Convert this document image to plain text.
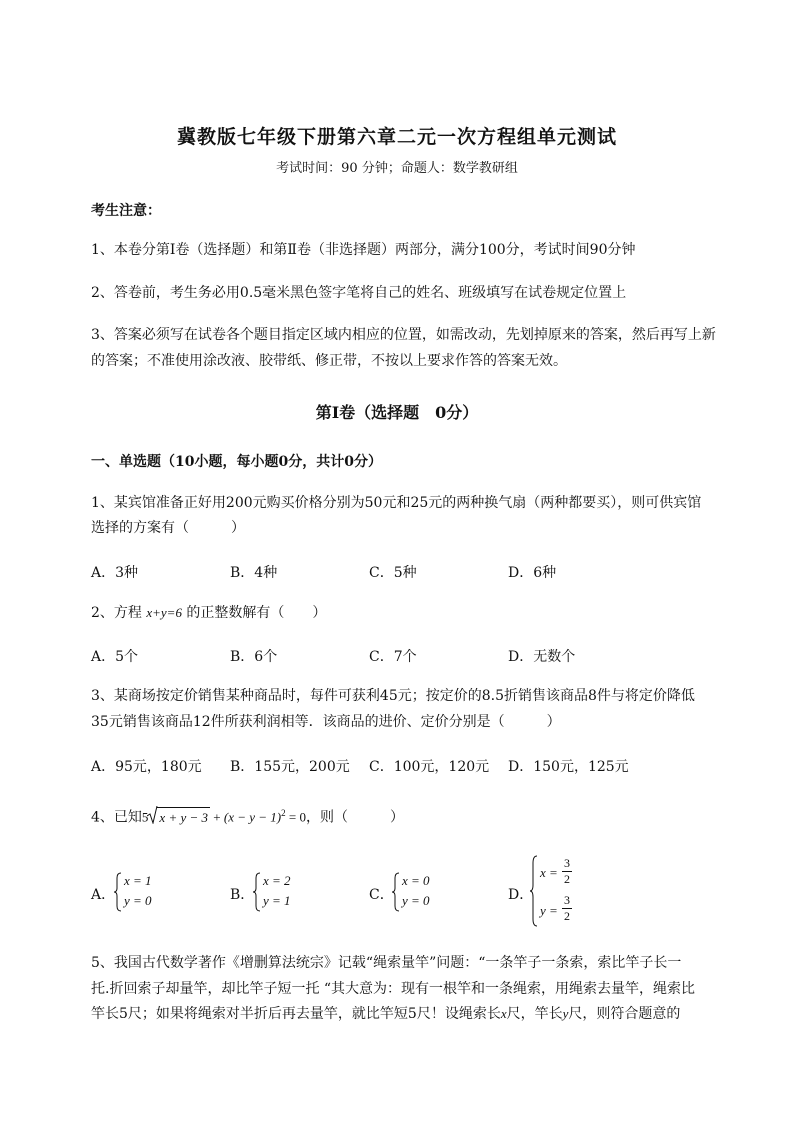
冀教版七年级下册第六章二元一次方程组单元测试
考试时间：90 分钟；命题人：数学教研组
考生注意：
1、本卷分第Ⅰ卷（选择题）和第Ⅱ卷（非选择题）两部分，满分100分，考试时间90分钟
2、答卷前，考生务必用0.5毫米黑色签字笔将自己的姓名、班级填写在试卷规定位置上
3、答案必须写在试卷各个题目指定区域内相应的位置，如需改动，先划掉原来的答案，然后再写上新
的答案；不准使用涂改液、胶带纸、修正带，不按以上要求作答的答案无效。
第Ⅰ卷（选择题　0分）
一、单选题（10小题，每小题0分，共计0分）
1、某宾馆准备正好用200元购买价格分别为50元和25元的两种换气扇（两种都要买），则可供宾馆
选择的方案有（　　　）
A．3种	B．4种	C．5种	D．6种
2、方程 x+y=6 的正整数解有（　　）
A．5个	B．6个	C．7个	D．无数个
3、某商场按定价销售某种商品时，每件可获利45元；按定价的8.5折销售该商品8件与将定价降低
35元销售该商品12件所获利润相等．该商品的进价、定价分别是（　　　）
A．95元，180元 B．155元，200元 C．100元，120元 D．150元，125元
4、已知5 $x + y - 3 + (x - y - 1)^2 = 0$，则（　　　）
A．
x = 1
y = 0	B．
x = 2
y = 1	C．
x = 0
y = 0	D．
$x = \frac{3}{2}$
$y = \frac{3}{2}$
5、我国古代数学著作《增删算法统宗》记载“绳索量竿”问题：“一条竿子一条索，索比竿子长一
托.折回索子却量竿，却比竿子短一托 “其大意为：现有一根竿和一条绳索，用绳索去量竿，绳索比
竿长5尺；如果将绳索对半折后再去量竿，就比竿短5尺！设绳索长x尺，竿长y尺，则符合题意的
